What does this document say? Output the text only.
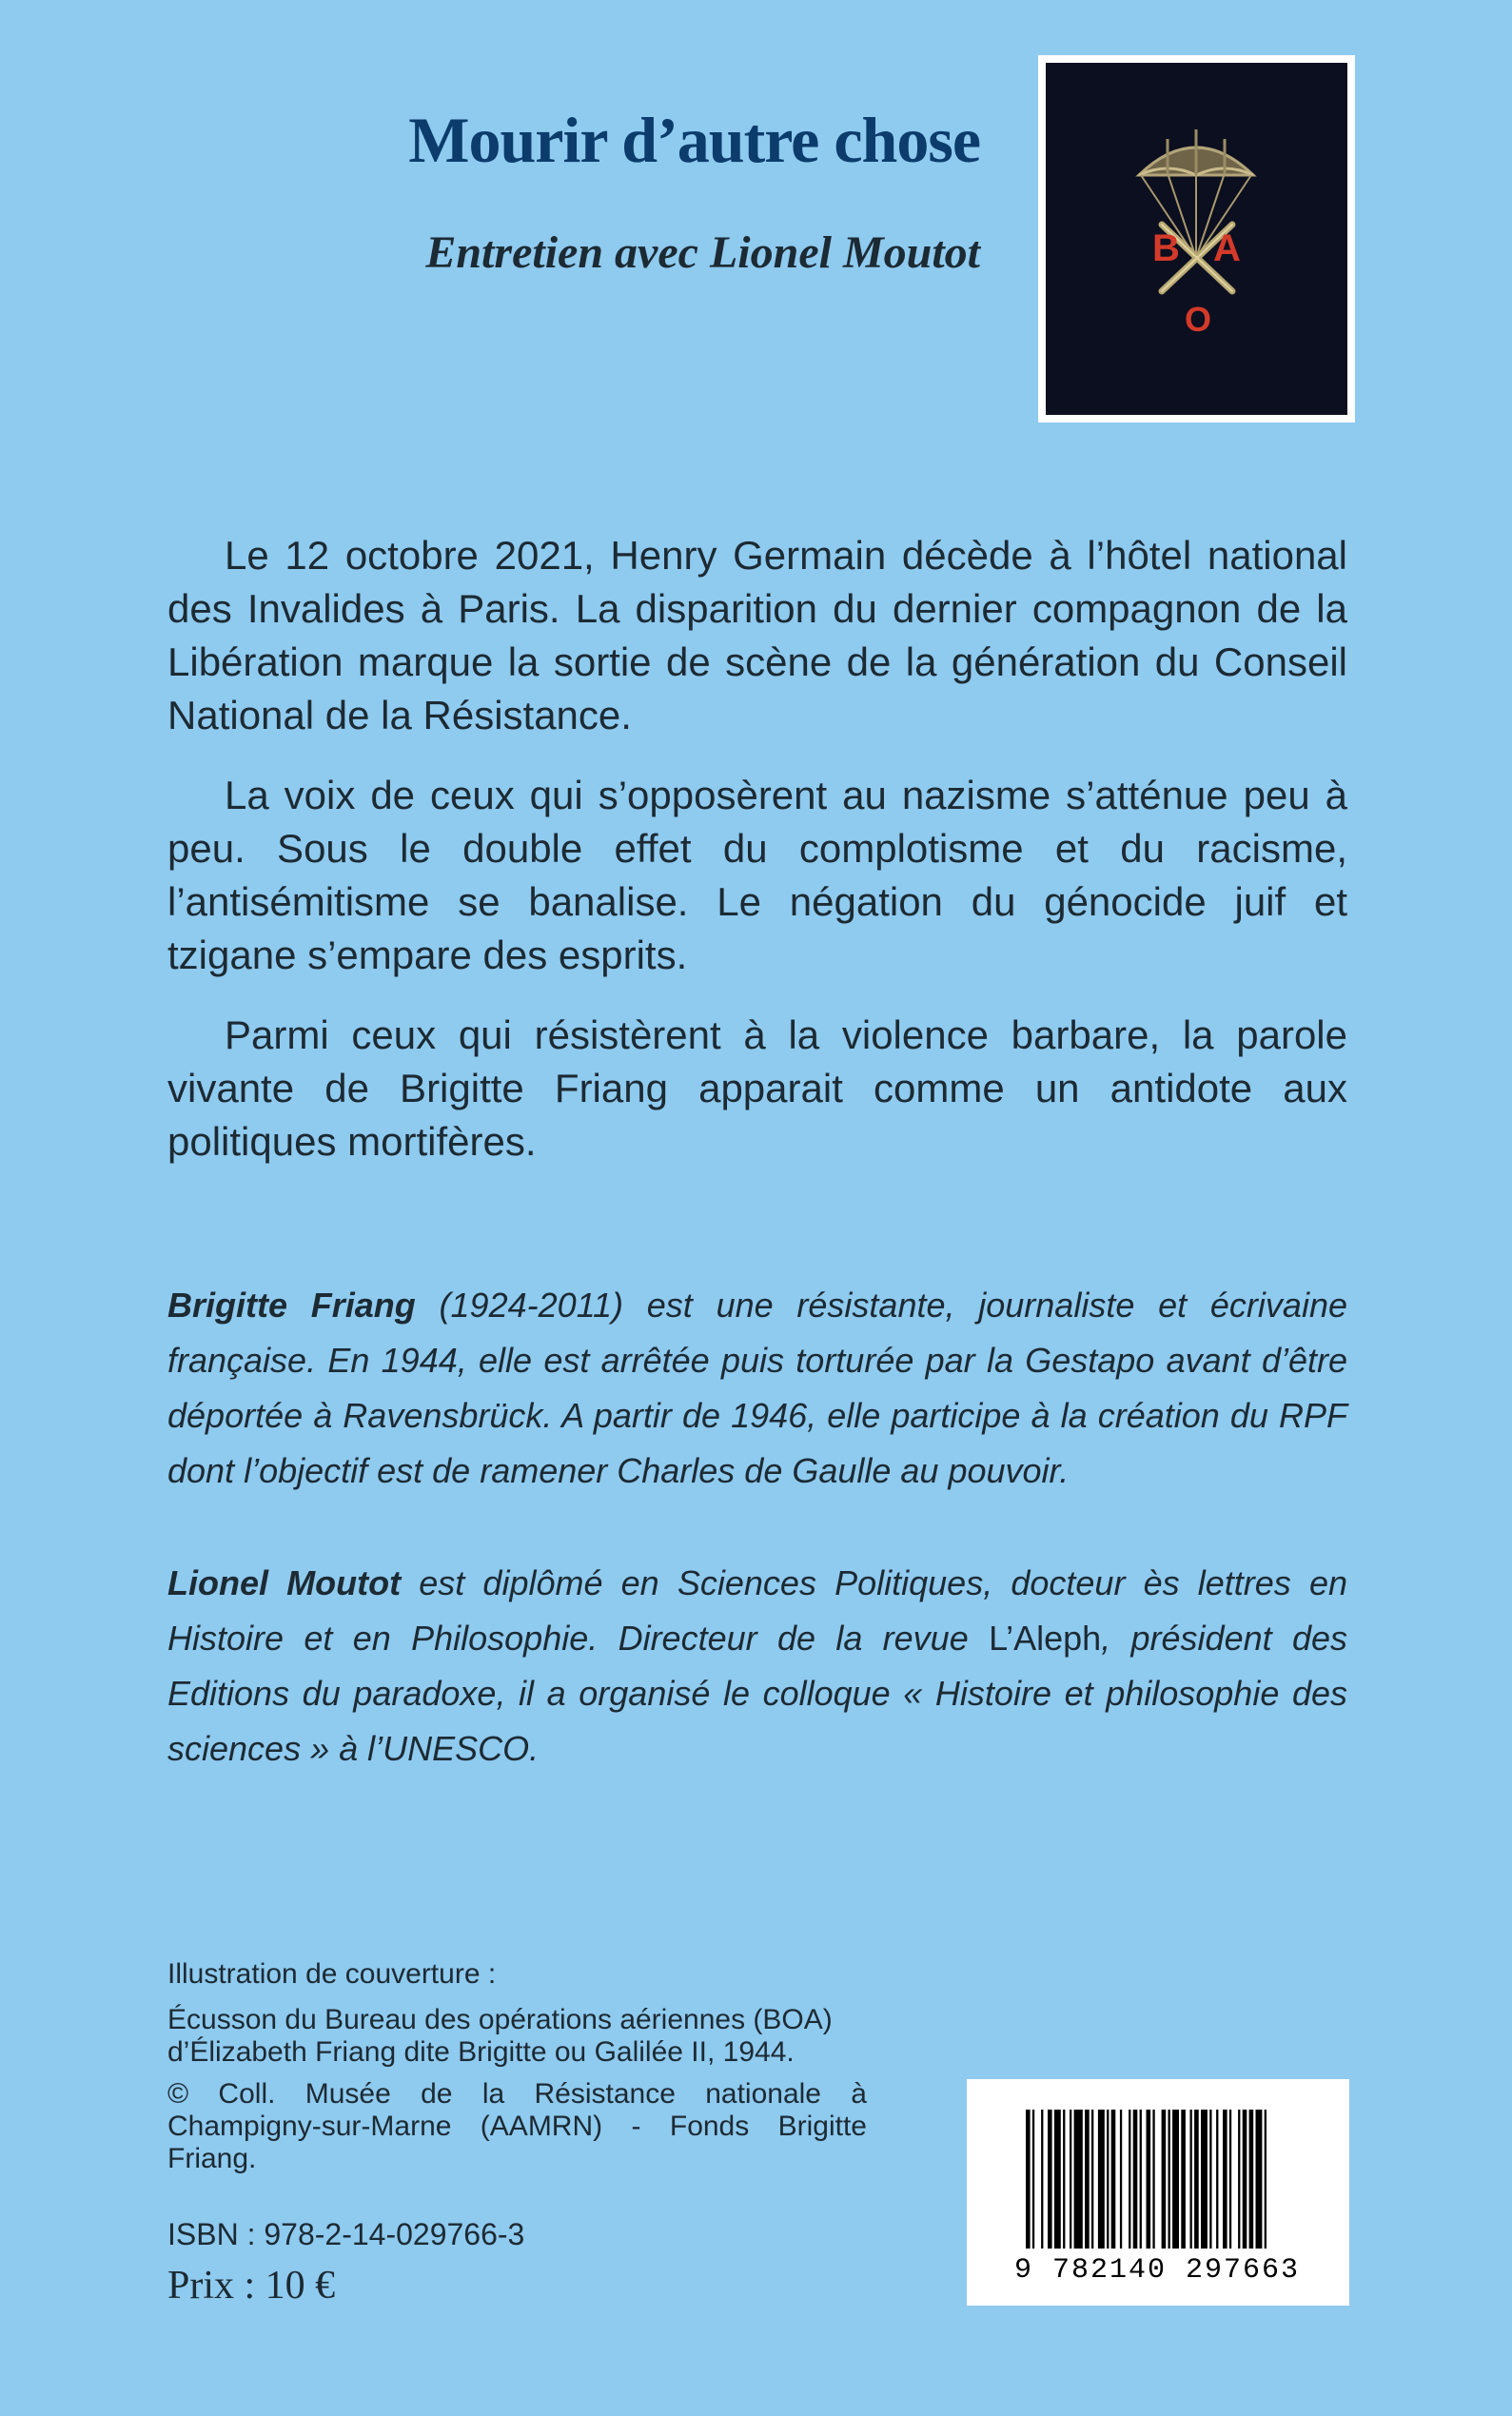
Mourir d’autre chose
Entretien avec Lionel Moutot	B A
O

Le 12 octobre 2021, Henry Germain décède à l’hôtel national des Invalides à Paris. La disparition du dernier compagnon de la Libération marque la sortie de scène de la génération du Conseil National de la Résistance.

La voix de ceux qui s’opposèrent au nazisme s’atténue peu à peu. Sous le double effet du complotisme et du racisme, l’antisémitisme se banalise. Le négation du génocide juif et tzigane s’empare des esprits.

Parmi ceux qui résistèrent à la violence barbare, la parole vivante de Brigitte Friang apparait comme un antidote aux politiques mortifères.

Brigitte Friang (1924-2011) est une résistante, journaliste et écrivaine française. En 1944, elle est arrêtée puis torturée par la Gestapo avant d’être déportée à Ravensbrück. A partir de 1946, elle participe à la création du RPF dont l’objectif est de ramener Charles de Gaulle au pouvoir.

Lionel Moutot est diplômé en Sciences Politiques, docteur ès lettres en Histoire et en Philosophie. Directeur de la revue L’Aleph, président des Editions du paradoxe, il a organisé le colloque « Histoire et philosophie des sciences » à l’UNESCO.

Illustration de couverture :

Écusson du Bureau des opérations aériennes (BOA)

d’Élizabeth Friang dite Brigitte ou Galilée II, 1944.

© Coll. Musée de la Résistance nationale à Champigny-sur-Marne (AAMRN) - Fonds Brigitte Friang.

ISBN : 978-2-14-029766-3
Prix : 10 €	9 782140 297663
